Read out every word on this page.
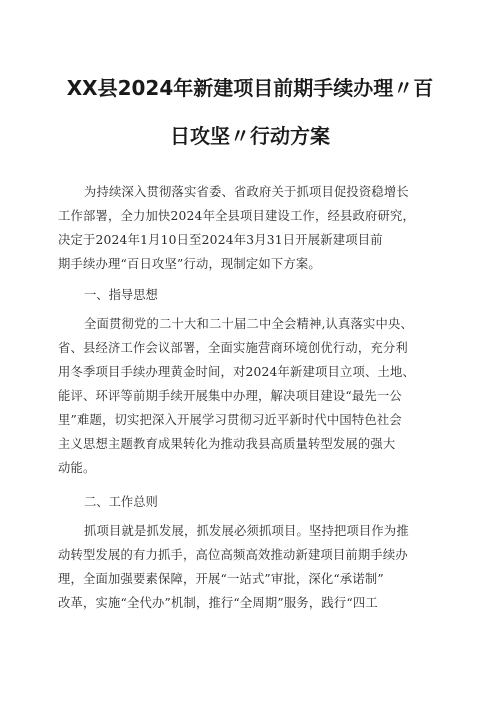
XX县2024年新建项目前期手续办理〃百
日攻坚〃行动方案
为持续深入贯彻落实省委、省政府关于抓项目促投资稳增长
工作部署，全力加快2024年全县项目建设工作，经县政府研究，
决定于2024年1月10日至2024年3月31日开展新建项目前
期手续办理“百日攻坚”行动，现制定如下方案。
一、指导思想
全面贯彻党的二十大和二十届二中全会精神,认真落实中央、
省、县经济工作会议部署，全面实施营商环境创优行动，充分利
用冬季项目手续办理黄金时间，对2024年新建项目立项、土地、
能评、环评等前期手续开展集中办理，解决项目建设“最先一公
里”难题，切实把深入开展学习贯彻习近平新时代中国特色社会
主义思想主题教育成果转化为推动我县高质量转型发展的强大
动能。
二、工作总则
抓项目就是抓发展，抓发展必须抓项目。坚持把项目作为推
动转型发展的有力抓手，高位高频高效推动新建项目前期手续办
理，全面加强要素保障，开展“一站式”审批，深化“承诺制”
改革，实施“全代办”机制，推行“全周期”服务，践行“四工
